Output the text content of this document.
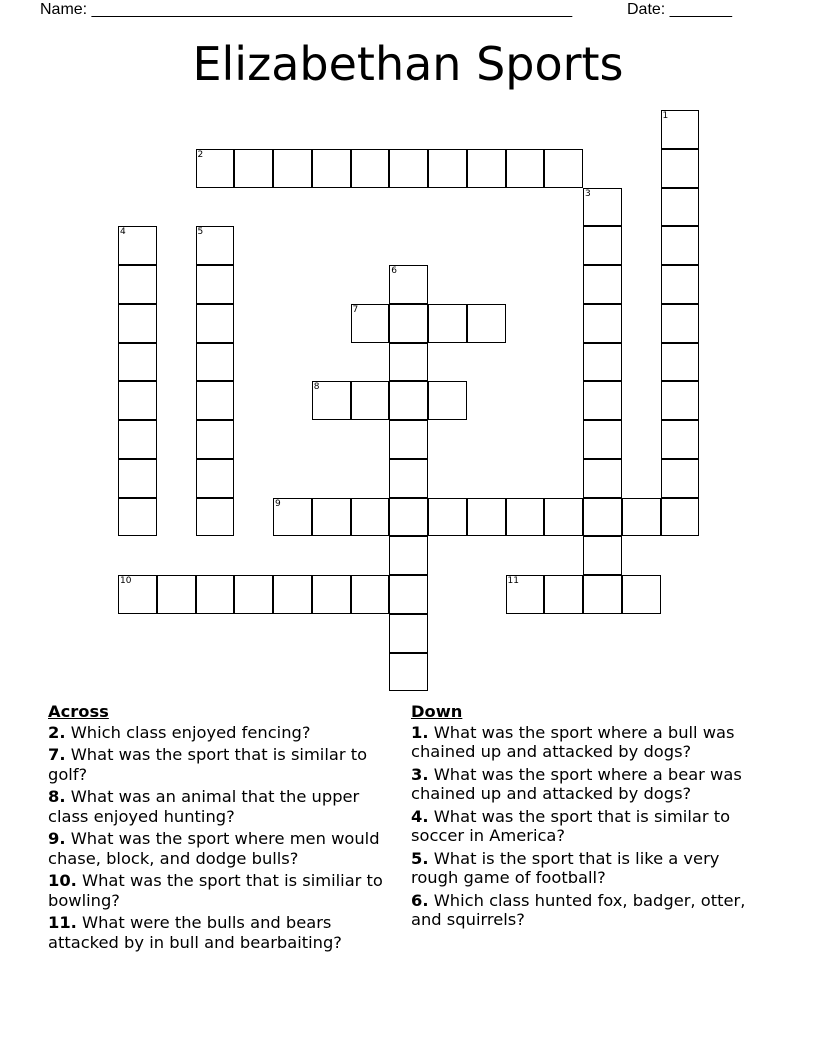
Name: ______________________________________________________	Date: _______
Elizabethan Sports
1
2
3
4	5
6
7
8
9
10	11
Across
2. Which class enjoyed fencing?
7. What was the sport that is similar to golf?
8. What was an animal that the upper class enjoyed hunting?
9. What was the sport where men would chase, block, and dodge bulls?
10. What was the sport that is similiar to bowling?
11. What were the bulls and bears attacked by in bull and bearbaiting?
Down
1. What was the sport where a bull was chained up and attacked by dogs?
3. What was the sport where a bear was chained up and attacked by dogs?
4. What was the sport that is similar to soccer in America?
5. What is the sport that is like a very rough game of football?
6. Which class hunted fox, badger, otter, and squirrels?
